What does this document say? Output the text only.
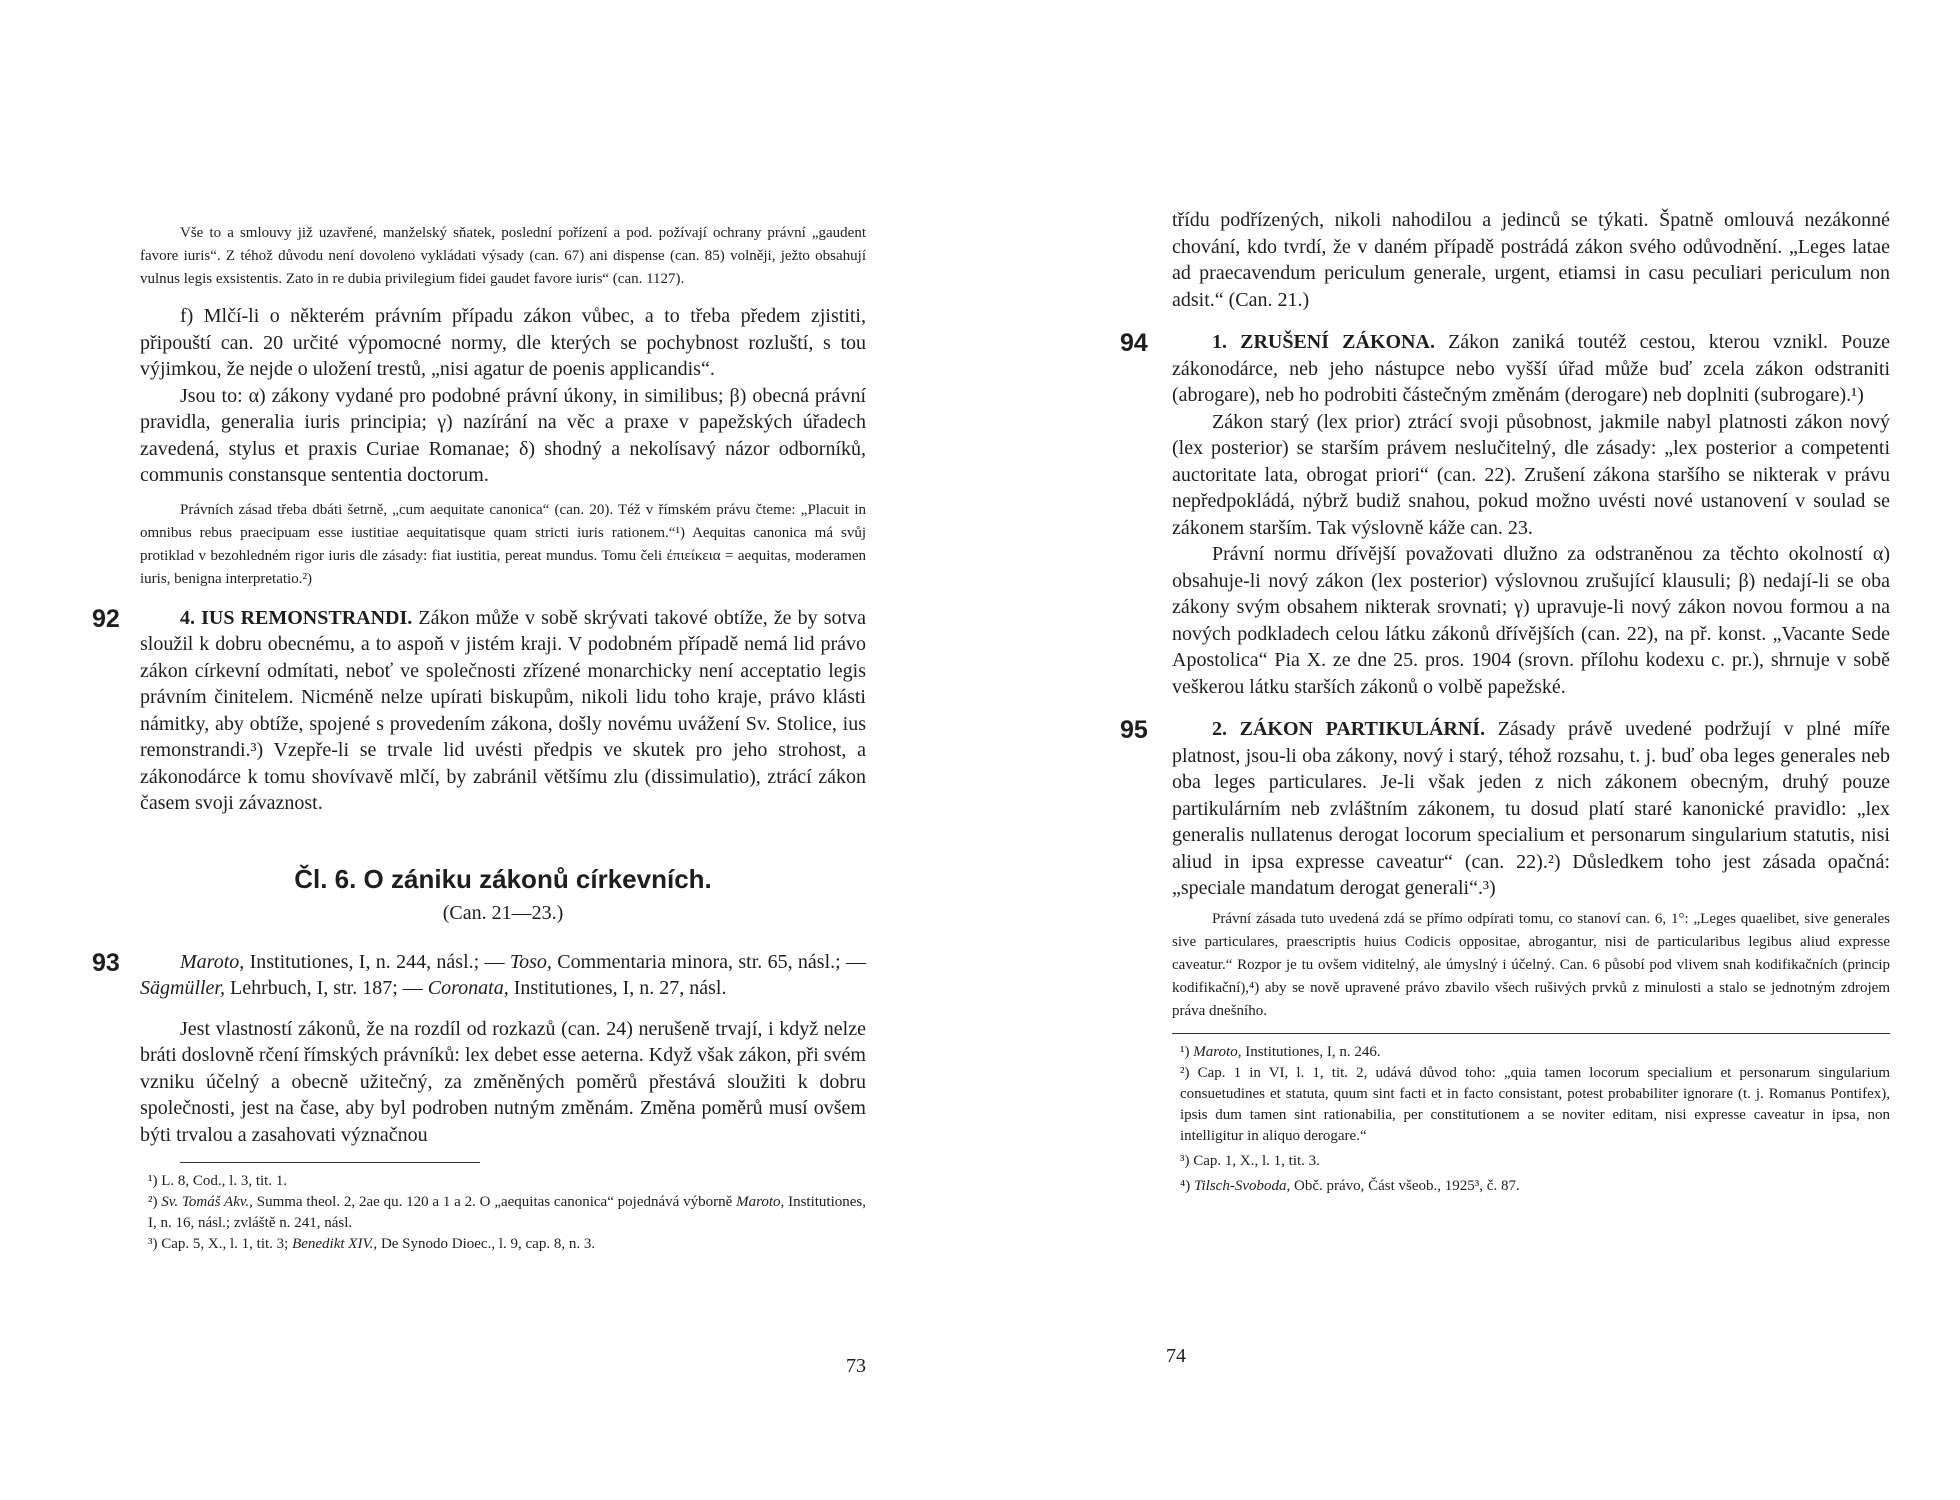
Vše to a smlouvy již uzavřené, manželský sňatek, poslední pořízení a pod. požívají ochrany právní „gaudent favore iuris“. Z téhož důvodu není dovoleno vykládati výsady (can. 67) ani dispense (can. 85) volněji, ježto obsahují vulnus legis exsistentis. Zato in re dubia privilegium fidei gaudet favore iuris“ (can. 1127).

f) Mlčí-li o některém právním případu zákon vůbec, a to třeba předem zjistiti, připouští can. 20 určité výpomocné normy, dle kterých se pochybnost rozluští, s tou výjimkou, že nejde o uložení trestů, „nisi agatur de poenis applicandis“.

Jsou to: α) zákony vydané pro podobné právní úkony, in similibus; β) obecná právní pravidla, generalia iuris principia; γ) nazírání na věc a praxe v papežských úřadech zavedená, stylus et praxis Curiae Romanae; δ) shodný a nekolísavý názor odborníků, communis constansque sententia doctorum.

Právních zásad třeba dbáti šetrně, „cum aequitate canonica“ (can. 20). Též v římském právu čteme: „Placuit in omnibus rebus praecipuam esse iustitiae aequitatisque quam stricti iuris rationem.“¹) Aequitas canonica má svůj protiklad v bezohledném rigor iuris dle zásady: fiat iustitia, pereat mundus. Tomu čeli ἐπιείκεια = aequitas, moderamen iuris, benigna interpretatio.²)

92	4. IUS REMONSTRANDI. Zákon může v sobě skrývati takové obtíže, že by sotva sloužil k dobru obecnému, a to aspoň v jistém kraji. V podobném případě nemá lid právo zákon církevní odmítati, neboť ve společnosti zřízené monarchicky není acceptatio legis právním činitelem. Nicméně nelze upírati biskupům, nikoli lidu toho kraje, právo klásti námitky, aby obtíže, spojené s provedením zákona, došly novému uvážení Sv. Stolice, ius remonstrandi.³) Vzepře-li se trvale lid uvésti předpis ve skutek pro jeho strohost, a zákonodárce k tomu shovívavě mlčí, by zabránil většímu zlu (dissimulatio), ztrácí zákon časem svoji závaznost.

Čl. 6. O zániku zákonů církevních.
(Can. 21—23.)
93	Maroto, Institutiones, I, n. 244, násl.; — Toso, Commentaria minora, str. 65, násl.; — Sägmüller, Lehrbuch, I, str. 187; — Coronata, Institutiones, I, n. 27, násl.

Jest vlastností zákonů, že na rozdíl od rozkazů (can. 24) nerušeně trvají, i když nelze bráti doslovně rčení římských právníků: lex debet esse aeterna. Když však zákon, při svém vzniku účelný a obecně užitečný, za změněných poměrů přestává sloužiti k dobru společnosti, jest na čase, aby byl podroben nutným změnám. Změna poměrů musí ovšem býti trvalou a zasahovati význačnou

¹) L. 8, Cod., l. 3, tit. 1.

²) Sv. Tomáš Akv., Summa theol. 2, 2ae qu. 120 a 1 a 2. O „aequitas canonica“ pojednává výborně Maroto, Institutiones, I, n. 16, násl.; zvláště n. 241, násl.

³) Cap. 5, X., l. 1, tit. 3; Benedikt XIV., De Synodo Dioec., l. 9, cap. 8, n. 3.

73

třídu podřízených, nikoli nahodilou a jedinců se týkati. Špatně omlouvá nezákonné chování, kdo tvrdí, že v daném případě postrádá zákon svého odůvodnění. „Leges latae ad praecavendum periculum generale, urgent, etiamsi in casu peculiari periculum non adsit.“ (Can. 21.)

94	1. ZRUŠENÍ ZÁKONA. Zákon zaniká toutéž cestou, kterou vznikl. Pouze zákonodárce, neb jeho nástupce nebo vyšší úřad může buď zcela zákon odstraniti (abrogare), neb ho podrobiti částečným změnám (derogare) neb doplniti (subrogare).¹)

Zákon starý (lex prior) ztrácí svoji působnost, jakmile nabyl platnosti zákon nový (lex posterior) se starším právem neslučitelný, dle zásady: „lex posterior a competenti auctoritate lata, obrogat priori“ (can. 22). Zrušení zákona staršího se nikterak v právu nepředpokládá, nýbrž budiž snahou, pokud možno uvésti nové ustanovení v soulad se zákonem starším. Tak výslovně káže can. 23.

Právní normu dřívější považovati dlužno za odstraněnou za těchto okolností α) obsahuje-li nový zákon (lex posterior) výslovnou zrušující klausuli; β) nedají-li se oba zákony svým obsahem nikterak srovnati; γ) upravuje-li nový zákon novou formou a na nových podkladech celou látku zákonů dřívějších (can. 22), na př. konst. „Vacante Sede Apostolica“ Pia X. ze dne 25. pros. 1904 (srovn. přílohu kodexu c. pr.), shrnuje v sobě veškerou látku starších zákonů o volbě papežské.

95	2. ZÁKON PARTIKULÁRNÍ. Zásady právě uvedené podržují v plné míře platnost, jsou-li oba zákony, nový i starý, téhož rozsahu, t. j. buď oba leges generales neb oba leges particulares. Je-li však jeden z nich zákonem obecným, druhý pouze partikulárním neb zvláštním zákonem, tu dosud platí staré kanonické pravidlo: „lex generalis nullatenus derogat locorum specialium et personarum singularium statutis, nisi aliud in ipsa expresse caveatur“ (can. 22).²) Důsledkem toho jest zásada opačná: „speciale mandatum derogat generali“.³)

Právní zásada tuto uvedená zdá se přímo odpírati tomu, co stanoví can. 6, 1°: „Leges quaelibet, sive generales sive particulares, praescriptis huius Codicis oppositae, abrogantur, nisi de particularibus legibus aliud expresse caveatur.“ Rozpor je tu ovšem viditelný, ale úmyslný i účelný. Can. 6 působí pod vlivem snah kodifikačních (princip kodifikační),⁴) aby se nově upravené právo zbavilo všech rušivých prvků z minulosti a stalo se jednotným zdrojem práva dnešního.

¹) Maroto, Institutiones, I, n. 246.

²) Cap. 1 in VI, l. 1, tit. 2, udává důvod toho: „quia tamen locorum specialium et personarum singularium consuetudines et statuta, quum sint facti et in facto consistant, potest probabiliter ignorare (t. j. Romanus Pontifex), ipsis dum tamen sint rationabilia, per constitutionem a se noviter editam, nisi expresse caveatur in ipsa, non intelligitur in aliquo derogare.“

³) Cap. 1, X., l. 1, tit. 3.

⁴) Tilsch-Svoboda, Obč. právo, Část všeob., 1925³, č. 87.

74
